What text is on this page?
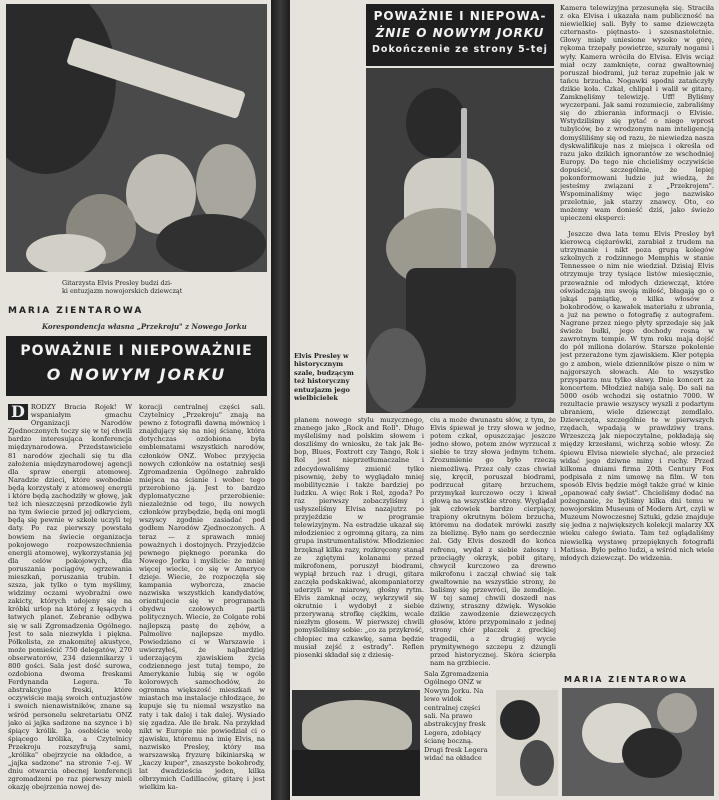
Gitarzysta Elvis Presley budzi dzi-
ki entuzjazm nowojorskich dziewcząt
MARIA ZIENTAROWA
Korespondencja własna „Przekroju" z Nowego Jorku
POWAŻNIE I NIEPOWAŻNIE
O NOWYM JORKU

D RODZY Bracia Rojek! W wspaniałym gmachu Organizacji Narodów Zjednoczonych toczy się w tej chwili bardzo interesująca konferencja międzynarodowa. Przedstawiciele 81 narodów zjechali się tu dla założenia międzynarodowej agencji dla spraw energii atomowej. Naradzie dzieci, które swobodnie będą korzystały z atomowej energii i które będą zachodziły w głowę, jak też ich nieszczęsni przodkowie żyli na tym świecie przed jej odkryciem, będą się pewnie w szkole uczyli tej daty. Po raz pierwszy powstała bowiem na świecie organizacja pokojowego rozpowszechnienia energii atomowej, wykorzystania jej dla celów pokojowych, dla poruszania pociągów, ogrzewania mieszkań, poruszania trubin. I szsza, jak tylko o tym myślimy, widzimy oczami wyobraźni owe zakicty, których udojeny się na króbki urlop na której z łęsących i łatwych planet. Zebranie odbywa się w sali Zgromadzenia Ogólnego. Jest to sala niezwykła i piękna. Półkolista, ze znakomitej akustyce, może pomieścić 750 delegatów, 270 obserwatorów, 234 dziennikarzy i 800 gości. Sala jest dość surowa, ozdobiona dwoma freskami Ferdynanda Legera. Te abstrakcyjne freski, które oczywiście mają swoich entuzjastów i swoich nienawistników, znane są wśród personelu sekretariatu ONZ jako ai jajka sadzone na szynce i b) śpiący królik. Ja osobiście wolę śpiącego królika, a Czytelnicy Przekroju rozszyfrują sami, „królika" obejrzycie na okładce, a „jajka sadzone" na stronie 7-ej. W dniu otwarcia obecnej konferencji zgromadzeni po raz pierwszy mieli okazję obejrzenia nowej de-

koracji centralnej części sali. Czytelnicy „Przekroju" znają na pewno z fotografii dawną mównicę i znajdujący się na niej ścianę, która dotychczas ozdobiona była emblematami wszystkich narodów, członków ONZ. Wobec przyjęcia nowych członków na ostatniej sesji Zgromadzenia Ogólnego zabrakło miejsca na ścianie i wobec tego przerobiono ją. Jest to bardzo dyplomatyczne przerobienie: niezależnie od tego, ilu nowych członków przybędzie, będą oni mogli wszyscy zgodnie zasiadać pod godłem Narodów Zjednoczonych. A teraz — z sprawach mniej poważnych i dostojnych. Przyjedźcie pewnego pięknego poranka do Nowego Jorku i myślicie: że mniej więcej wiecie, co się w Ameryce dzieje. Wiecie, że rozpoczęła się kampania wyborcza, znacie nazwiska wszystkich kandydatów, orientujecie się w programach obydwu czołowych partii politycznych. Wiecie, że Colgate robi najlepszą pastę do zębów, a Palmolive najlepsze mydło. Powiedziano ci w Warszawie i uwierzyłeś, że najbardziej uderzającym zjawiskiem życia codziennego jest tutaj tempo, że Amerykanie lubią się w ogóle kolorowych samochodów, że ogromna większość mieszkań w miastach ma instalacje chłodzące, że kupuje się tu niemal wszystko na raty i tak dalej i tak dalej. Wysiado się zgadza. Ale ile brak. Na przykład nikt w Europie nie powiedział ci o zjawisku, któremu na imię Elvis, na nazwisko Presley, który ma warszawską fryzurę bikiniarską w „kaczy kuper", znaszyste bokobrody, lat dwadzieścia jeden, kilka olbrzymich Cadillaców, gitarę i jest wielkim ka-

POWAŻNIE I NIEPOWA-
ŻNIE O NOWYM JORKU
Dokończenie ze strony 5-tej

Kamera telewizyjna przesunęła się. Straciła z oka Elvisa i ukazała nam publiczność na niewielkiej sali. Były to same dziewczęta czternasto- piętnasto- i szesnastoletnie. Głowy miały uniesione wysoko w górę, rękoma trzepały powietrze, szurały nogami i wyły. Kamera wróciła do Elvisa. Elvis wciąż miał oczy zamknięte, coraz gwałtowniej poruszał biodrami, już teraz zupełnie jak w tańcu brzucha. Nogawki spodni zatańczyły dzikie koła. Czkał, chlipał i walił w gitarę. Zamknęliśmy telewizję. Uff! Byliśmy wyczerpani. Jak sami rozumiecie, zabraliśmy się do zbierania informacji o Elvisie. Wstydziliśmy się pytać o niego wprost tubylców, bo z wrodzonym nam inteligencją domyśliliśmy się od razu, że niewiedza nasza dyskwalifikuje nas z miejsca i określa od razu jako dzikich ignorantów ze wschodniej Europy. Do tego nie chcieliśmy oczywiście dopuścić, szczególnie, że lepiej pokonformowani ludzie już wiedzą, że jesteśmy związani z „Przekrojem". Wspominaliśmy więc jego nazwisko przelotnie, jak starzy znawcy. Oto, co możemy wam donieść dziś, jako świeżo upieczeni eksperci:

Jeszcze dwa lata temu Elvis Presley był kierowcą ciężarówki, zarabiał z trudem na utrzymanie i nikt poza grupą kolegów szkolnych z rodzinnego Memphis w stanie Tennessee o nim nie wiedział. Dzisiaj Elvis otrzymuje trzy tysiące listów miesięcznie, przeważnie od młodych dziewcząt, które oświadczają mu swoją miłość, błagają go o jakąś pamiątkę, o kilka włosów z bokobrodów, o kawałek materiału z ubrania, a już na pewno o fotografię z autografem. Nagrane przez niego płyty sprzedaje się jak świeże bułki, jego dochody rosną w zawrotnym tempie. W tym roku mają dojść do pół miliona dolarów. Starsze pokolenie jest przerażone tym zjawiskiem. Kler potępia go z ambon, wiele dzienników pisze o nim w najgorszych słowach. Ale to wszystko przysparza mu tylko sławy. Dnie koncert za koncertem. Młodzież nabija salę. Do sali na 5000 osób wchodzi się ostatnio 7000. W rezultacie prawie wszyscy wyszli z podartym ubraniem, wiele dziewcząt zemdlało. Dziewczęta, szczególnie te w pierwszych rzędach, wpadają w prawdziwy trans. Wrzeszczą jak niepoczytalne, pokładają się między krzesłami, wichrzą sobie włosy. Ze śpiewu Elvisa niewiele słychać, ale przecież widać jego dziwne miny i ruchy. Przed kilkoma dniami firma 20th Century Fox podpisała z nim umowę na film. W ten sposób Elvis będzie mógł także grać w kinie „opanować cały świat". Chcieliśmy dodać na pożegnanie, że byliśmy kilka dni temu w nowojorskim Museum of Modern Art, czyli w Muzeum Nowoczesnej Sztuki, gdzie znajduje się jedna z największych kolekcji malarzy XX wieku całego świata. Tam też oglądaliśmy niewielką wystawę przepięknych fotografii Matissa. Było pełno ludzi, a wśród nich wiele młodych dziewcząt. Do widzenia.

Elvis Presley w historycznym szale, budzącym też historyczny entuzjazm jego wielbicielek

płanem nowego stylu muzycznego, znanego jako „Rock and Roll". Długo myśleliśmy nad polskim słowem i doszliśmy do wniosku, że tak jak Be-bop, Blues, Foxtrott czy Tango, Rok i Rol jest nieprzetłumaczalne i zdecydowaliśmy zmienić tylko pisownię, żeby to wyglądało mniej mobilitycznie i także bardziej po ludzku. A więc Rok i Rol, zgoda? Po raz pierwszy zobaczyliśmy i usłyszeliśmy Elvisa nazajutrz po przyjeździe w programie telewizyjnym. Na estradzie ukazał się młodzieniec z ogromną gitarą, za nim grupa instrumentalistów. Młodzieniec brzęknął kilka razy, rozkręcony stanął ze zgiętymi kolanami przed mikrofonem, poruszył biodrami, wypiął brzuch raz i drugi, gitara zaczęła podskakiwać, akompaniatorzy uderzyli w miarowy, głośny rytm. Elvis zamknął oczy, wykrzywił się okrutnie i wydobył z siebie przerywaną strofkę ciężkim, wcale niezłym głosem. W pierwszej chwili pomyśleliśmy sobie: „co za przykrość, chłopiec ma czkawkę, sama będzie musiał zejść z estrady". Reflen piosenki składał się z dziesię-

ciu a może dwunastu słów, z tym, że Elvis śpiewał je trzy słowa w jedno, potem czkał, opuszczając jeszcze jedno słowo, potem znów wyrzucał z siebie te trzy słowa jednym tchem. Zrozumienie go było rzeczą niemożliwą. Przez cały czas chwiał się, kręcił, poruszał biodrami, podrzucał gitarę brzuchem, przymykał kurczowo oczy i kiwał głową na wszystkie strony. Wyglądał jak człowiek bardzo cierpiący, trapiony okrutnym bólem brzucha, któremu na dodatek mrówki zaszły za bieliznę. Było nam go serdecznie żal. Gdy Elvis doszedł do końca refrenu, wydał z siebie żałosny i przeciągły okrzyk, pobił gitarę, chwycił kurczowo za drewno mikrofonu i zaczął chwiać się tak gwałtownie na wszystkie strony, że baliśmy się przewróci, ile zemdleje. W tej samej chwili doszedł nas dziwny, straszny dźwięk. Wysokie dzikie zawodzenie dziewczęcych głosów, które przypominało z jednej strony chór płaczek z greckiej tragedii, a z drugiej wycie prymitywnego szczepu z dżungli przed historycznej. Skóra ścierpła nam na grzbiecie.

Sala Zgromadzenia Ogólnego ONZ w Nowym Jorku. Na lewo widok centralnej części sali. Na prawo abstrakcyjny fresk Legera, zdobiący ścianę boczną. Drugi fresk Legera widać na okładce
MARIA ZIENTAROWA
